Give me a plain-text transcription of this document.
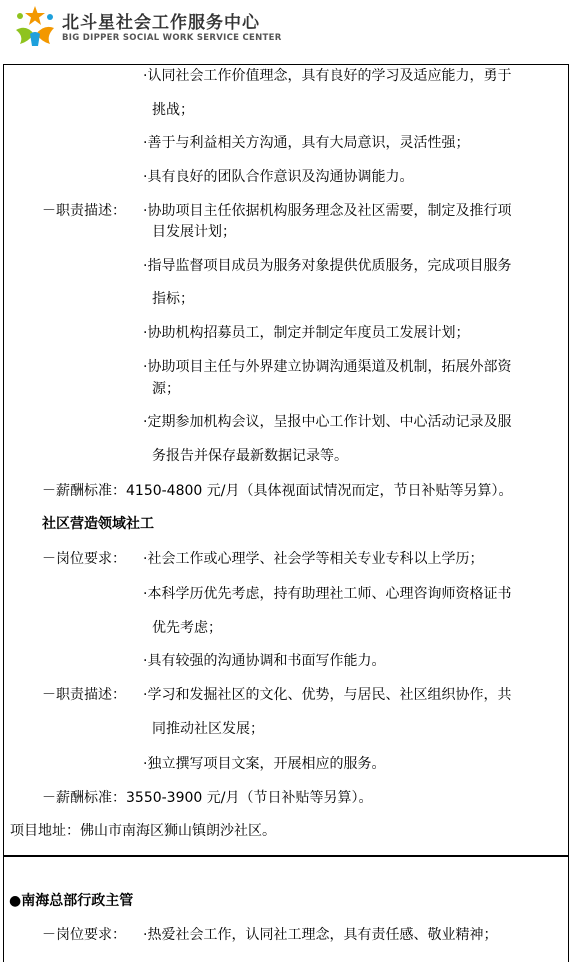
北斗星社会工作服务中心
BIG DIPPER SOCIAL WORK SERVICE CENTER
·认同社会工作价值理念，具有良好的学习及适应能力，勇于
挑战；
·善于与利益相关方沟通，具有大局意识，灵活性强；
·具有良好的团队合作意识及沟通协调能力。
－职责描述： ·协助项目主任依据机构服务理念及社区需要，制定及推行项
目发展计划；
·指导监督项目成员为服务对象提供优质服务，完成项目服务
指标；
·协助机构招募员工，制定并制定年度员工发展计划；
·协助项目主任与外界建立协调沟通渠道及机制，拓展外部资
源；
·定期参加机构会议，呈报中心工作计划、中心活动记录及服
务报告并保存最新数据记录等。
－薪酬标准：4150-4800 元/月（具体视面试情况而定，节日补贴等另算）。
社区营造领域社工
－岗位要求： ·社会工作或心理学、社会学等相关专业专科以上学历；
·本科学历优先考虑，持有助理社工师、心理咨询师资格证书
优先考虑；
·具有较强的沟通协调和书面写作能力。
－职责描述： ·学习和发掘社区的文化、优势，与居民、社区组织协作，共
同推动社区发展；
·独立撰写项目文案，开展相应的服务。
－薪酬标准：3550-3900 元/月（节日补贴等另算）。
项目地址：佛山市南海区狮山镇朗沙社区。
●南海总部行政主管
－岗位要求： ·热爱社会工作，认同社工理念，具有责任感、敬业精神；
